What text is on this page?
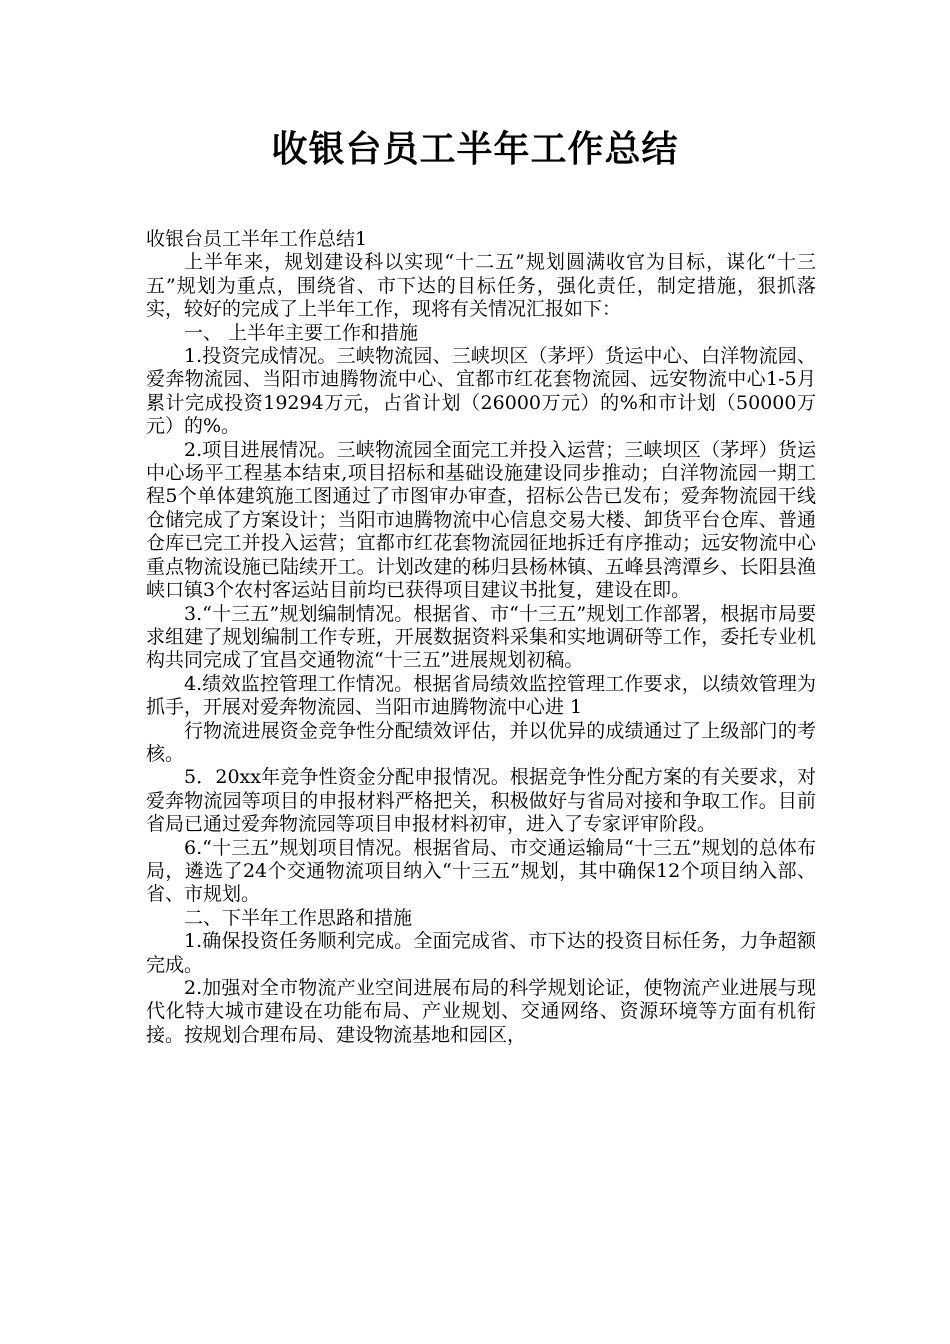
收银台员工半年工作总结

收银台员工半年工作总结1

上半年来，规划建设科以实现“十二五”规划圆满收官为目标，谋化“十三五”规划为重点，围绕省、市下达的目标任务，强化责任，制定措施，狠抓落实，较好的完成了上半年工作，现将有关情况汇报如下：

一、 上半年主要工作和措施

1.投资完成情况。三峡物流园、三峡坝区（茅坪）货运中心、白洋物流园、爱奔物流园、当阳市迪腾物流中心、宜都市红花套物流园、远安物流中心1-5月累计完成投资19294万元，占省计划（26000万元）的%和市计划（50000万元）的%。

2.项目进展情况。三峡物流园全面完工并投入运营；三峡坝区（茅坪）货运中心场平工程基本结束,项目招标和基础设施建设同步推动；白洋物流园一期工程5个单体建筑施工图通过了市图审办审查，招标公告已发布；爱奔物流园干线仓储完成了方案设计；当阳市迪腾物流中心信息交易大楼、卸货平台仓库、普通仓库已完工并投入运营；宜都市红花套物流园征地拆迁有序推动；远安物流中心重点物流设施已陆续开工。计划改建的秭归县杨林镇、五峰县湾潭乡、长阳县渔峡口镇3个农村客运站目前均已获得项目建议书批复，建设在即。

3.“十三五”规划编制情况。根据省、市“十三五”规划工作部署，根据市局要求组建了规划编制工作专班，开展数据资料采集和实地调研等工作，委托专业机构共同完成了宜昌交通物流“十三五”进展规划初稿。

4.绩效监控管理工作情况。根据省局绩效监控管理工作要求，以绩效管理为抓手，开展对爱奔物流园、当阳市迪腾物流中心进 1

行物流进展资金竞争性分配绩效评估，并以优异的成绩通过了上级部门的考核。

5．20xx年竞争性资金分配申报情况。根据竞争性分配方案的有关要求，对爱奔物流园等项目的申报材料严格把关，积极做好与省局对接和争取工作。目前省局已通过爱奔物流园等项目申报材料初审，进入了专家评审阶段。

6.“十三五”规划项目情况。根据省局、市交通运输局“十三五”规划的总体布局，遴选了24个交通物流项目纳入“十三五”规划，其中确保12个项目纳入部、省、市规划。

二、下半年工作思路和措施

1.确保投资任务顺利完成。全面完成省、市下达的投资目标任务，力争超额完成。

2.加强对全市物流产业空间进展布局的科学规划论证，使物流产业进展与现代化特大城市建设在功能布局、产业规划、交通网络、资源环境等方面有机衔接。按规划合理布局、建设物流基地和园区，
